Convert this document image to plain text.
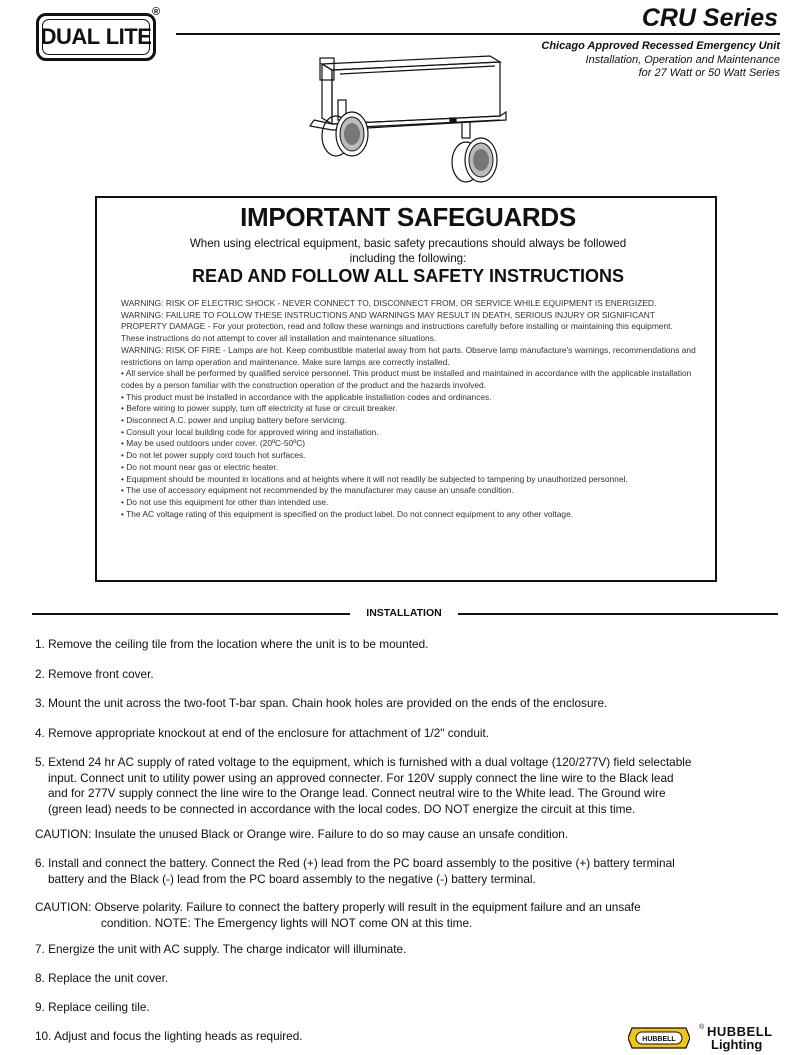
DUAL LITE
®	CRU Series
Chicago Approved Recessed Emergency Unit
Installation, Operation and Maintenance
for 27 Watt or 50 Watt Series
IMPORTANT SAFEGUARDS
When using electrical equipment, basic safety precautions should always be followed
including the following:
READ AND FOLLOW ALL SAFETY INSTRUCTIONS
WARNING: RISK OF ELECTRIC SHOCK - NEVER CONNECT TO, DISCONNECT FROM, OR SERVICE WHILE EQUIPMENT IS ENERGIZED.
WARNING: FAILURE TO FOLLOW THESE INSTRUCTIONS AND WARNINGS MAY RESULT IN DEATH, SERIOUS INJURY OR SIGNIFICANT PROPERTY DAMAGE - For your protection, read and follow these warnings and instructions carefully before installing or maintaining this equipment. These instructions do not attempt to cover all installation and maintenance situations.
WARNING: RISK OF FIRE - Lamps are hot. Keep combustible material away from hot parts. Observe lamp manufacture's warnings, recommendations and restrictions on lamp operation and maintenance. Make sure lamps are correctly installed.
• All service shall be performed by qualified service personnel. This product must be installed and maintained in accordance with the applicable installation codes by a person familiar with the construction operation of the product and the hazards involved.
• This product must be installed in accordance with the applicable installation codes and ordinances.
• Before wiring to power supply, turn off electricity at fuse or circuit breaker.
• Disconnect A.C. power and unplug battery before servicing.
• Consult your local building code for approved wiring and installation.
• May be used outdoors under cover. (20ºC-50ºC)
• Do not let power supply cord touch hot surfaces.
• Do not mount near gas or electric heater.
• Equipment should be mounted in locations and at heights where it will not readily be subjected to tampering by unauthorized personnel.
• The use of accessory equipment not recommended by the manufacturer may cause an unsafe condition.
• Do not use this equipment for other than intended use.
• The AC voltage rating of this equipment is specified on the product label. Do not connect equipment to any other voltage.
INSTALLATION
1. Remove the ceiling tile from the location where the unit is to be mounted.
2. Remove front cover.
3. Mount the unit across the two-foot T-bar span. Chain hook holes are provided on the ends of the enclosure.
4. Remove appropriate knockout at end of the enclosure for attachment of 1/2" conduit.
5. Extend 24 hr AC supply of rated voltage to the equipment, which is furnished with a dual voltage (120/277V) field selectable
input. Connect unit to utility power using an approved connecter. For 120V supply connect the line wire to the Black lead
and for 277V supply connect the line wire to the Orange lead. Connect neutral wire to the White lead. The Ground wire
(green lead) needs to be connected in accordance with the local codes. DO NOT energize the circuit at this time.
CAUTION: Insulate the unused Black or Orange wire. Failure to do so may cause an unsafe condition.
6. Install and connect the battery. Connect the Red (+) lead from the PC board assembly to the positive (+) battery terminal
battery and the Black (-) lead from the PC board assembly to the negative (-) battery terminal.
CAUTION: Observe polarity. Failure to connect the battery properly will result in the equipment failure and an unsafe
condition. NOTE: The Emergency lights will NOT come ON at this time.
7. Energize the unit with AC supply. The charge indicator will illuminate.
8. Replace the unit cover.
9. Replace ceiling tile.
10. Adjust and focus the lighting heads as required.	HUBBELL
® HUBBELL
Lighting
